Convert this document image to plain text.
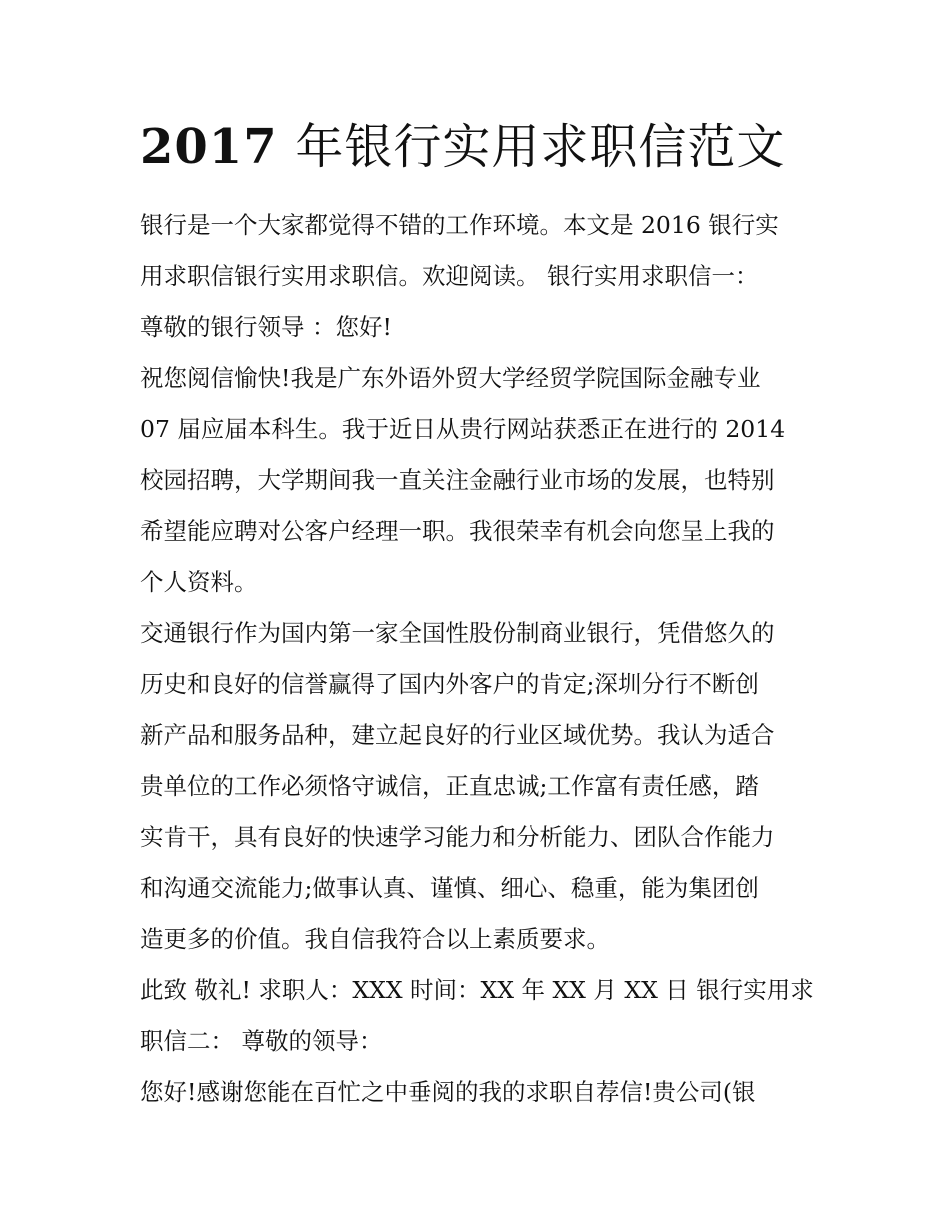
2017 年银行实用求职信范文
银行是一个大家都觉得不错的工作环境。本文是 2016 银行实
用求职信银行实用求职信。欢迎阅读。 银行实用求职信一：
尊敬的银行领导 ：您好!
祝您阅信愉快!我是广东外语外贸大学经贸学院国际金融专业
07 届应届本科生。我于近日从贵行网站获悉正在进行的 2014
校园招聘，大学期间我一直关注金融行业市场的发展，也特别
希望能应聘对公客户经理一职。我很荣幸有机会向您呈上我的
个人资料。
交通银行作为国内第一家全国性股份制商业银行，凭借悠久的
历史和良好的信誉赢得了国内外客户的肯定;深圳分行不断创
新产品和服务品种，建立起良好的行业区域优势。我认为适合
贵单位的工作必须恪守诚信，正直忠诚;工作富有责任感，踏
实肯干，具有良好的快速学习能力和分析能力、团队合作能力
和沟通交流能力;做事认真、谨慎、细心、稳重，能为集团创
造更多的价值。我自信我符合以上素质要求。
此致 敬礼! 求职人：XXX 时间：XX 年 XX 月 XX 日 银行实用求
职信二： 尊敬的领导：
您好!感谢您能在百忙之中垂阅的我的求职自荐信!贵公司(银
